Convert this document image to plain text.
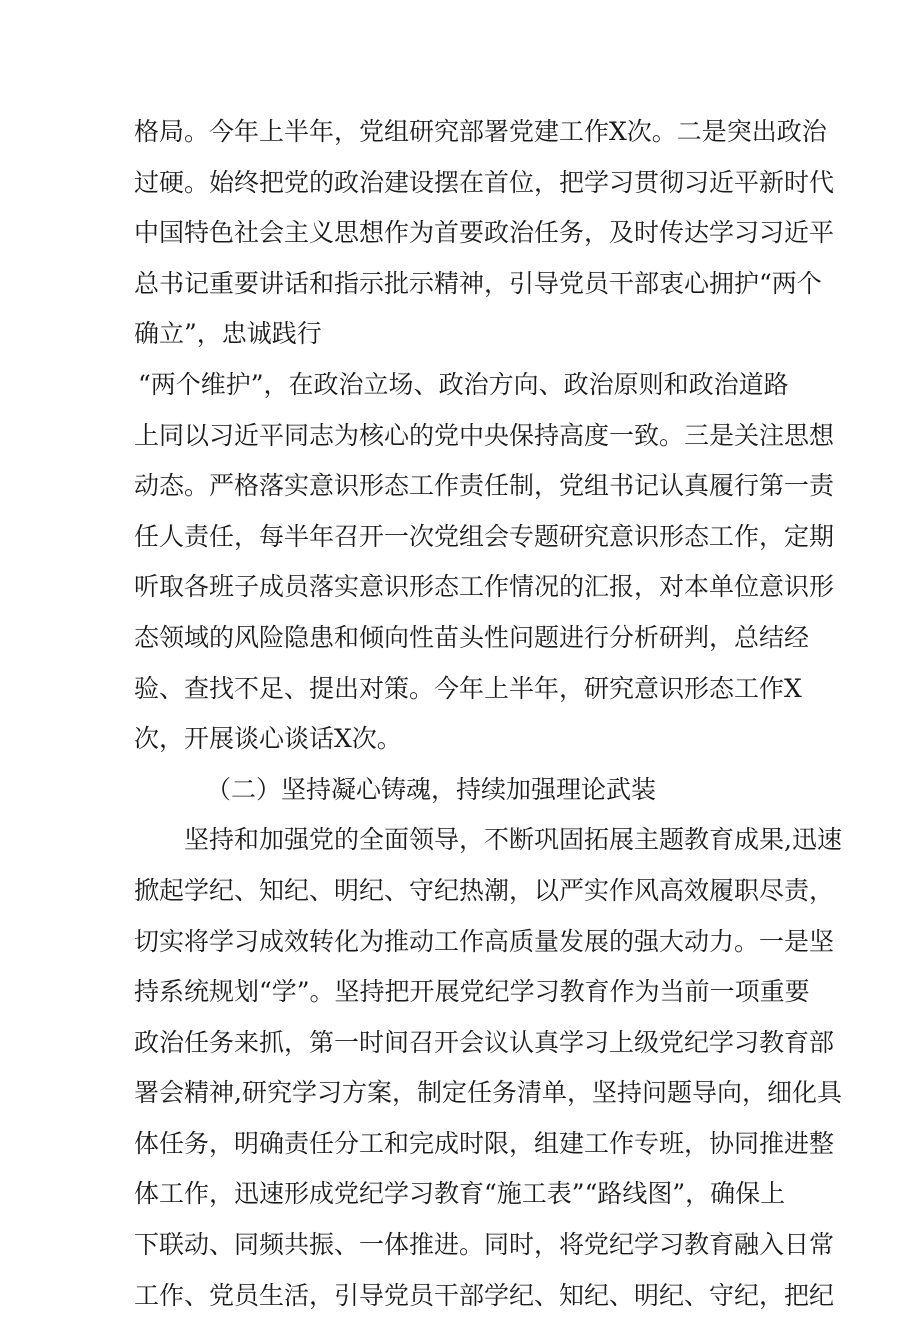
格局。今年上半年，党组研究部署党建工作X次。二是突出政治
过硬。始终把党的政治建设摆在首位，把学习贯彻习近平新时代
中国特色社会主义思想作为首要政治任务，及时传达学习习近平
总书记重要讲话和指示批示精神，引导党员干部衷心拥护“两个
确立”，忠诚践行
“两个维护”，在政治立场、政治方向、政治原则和政治道路
上同以习近平同志为核心的党中央保持高度一致。三是关注思想
动态。严格落实意识形态工作责任制，党组书记认真履行第一责
任人责任，每半年召开一次党组会专题研究意识形态工作，定期
听取各班子成员落实意识形态工作情况的汇报，对本单位意识形
态领域的风险隐患和倾向性苗头性问题进行分析研判，总结经
验、查找不足、提出对策。今年上半年，研究意识形态工作X
次，开展谈心谈话X次。
（二）坚持凝心铸魂，持续加强理论武装
坚持和加强党的全面领导，不断巩固拓展主题教育成果,迅速
掀起学纪、知纪、明纪、守纪热潮，以严实作风高效履职尽责，
切实将学习成效转化为推动工作高质量发展的强大动力。一是坚
持系统规划“学”。坚持把开展党纪学习教育作为当前一项重要
政治任务来抓，第一时间召开会议认真学习上级党纪学习教育部
署会精神,研究学习方案，制定任务清单，坚持问题导向，细化具
体任务，明确责任分工和完成时限，组建工作专班，协同推进整
体工作，迅速形成党纪学习教育“施工表”“路线图”，确保上
下联动、同频共振、一体推进。同时，将党纪学习教育融入日常
工作、党员生活，引导党员干部学纪、知纪、明纪、守纪，把纪
